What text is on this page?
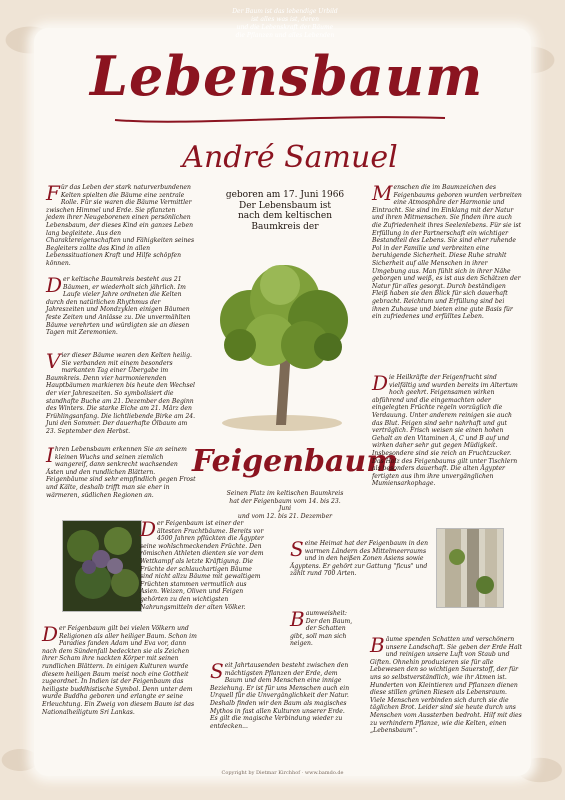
Der Baum ist das lebendige Urbild
ist alles was ist, deren
und die Lebenskraft der Bäume
die Pflanzen und alles Lebenden
Lebensbaum
André Samuel
Für das Leben der stark naturverbundenen Kelten spielten die Bäume eine zentrale Rolle. Für sie waren die Bäume Vermittler zwischen Himmel und Erde. Sie pflanzten jedem ihrer Neugeborenen einen persönlichen Lebensbaum, der dieses Kind ein ganzes Leben lang begleitete. Aus den Charaktereigenschaften und Fähigkeiten seines Begleiters zollte das Kind in allen Lebenssituationen Kraft und Hilfe schöpfen können.
Der keltische Baumkreis besteht aus 21 Bäumen, er wiederholt sich jährlich. Im Laufe vieler Jahre ordneten die Kelten durch den natürlichen Rhythmus der Jahreszeiten und Mondzyklen einigen Bäumen feste Zeiten und Anlässe zu. Die unvermählten Bäume verehrten und würdigten sie an diesen Tagen mit Zeremonien.
Vier dieser Bäume waren den Kelten heilig. Sie verbanden mit einem besonders markanten Tag einer Übergabe im Baumkreis. Denn vier harmonierenden Hauptbäumen markieren bis heute den Wechsel der vier Jahreszeiten. So symbolisiert die standhafte Buche am 21. Dezember den Beginn des Winters. Die starke Eiche am 21. März den Frühlingsanfang. Die lichtliebende Birke am 24. Juni den Sommer. Der dauerhafte Ölbaum am 23. September den Herbst.
Ihren Lebensbaum erkennen Sie an seinem kleinen Wuchs und seinen ziemlich wangereif, dann senkrecht wachsenden Ästen und den rundlichen Blättern. Feigenbäume sind sehr empfindlich gegen Frost und Kälte, deshalb trifft man sie eher in wärmeren, südlichen Regionen an.
geboren am 17. Juni 1966
Der Lebensbaum ist
nach dem keltischen Baumkreis der
Feigenbaum
Seinen Platz im keltischen Baumkreis
hat der Feigenbaum vom 14. bis 23. Juni
und vom 12. bis 21. Dezember
Menschen die im Baumzeichen des Feigenbaums geboren wurden verbreiten eine Atmosphäre der Harmonie und Eintracht. Sie sind im Einklang mit der Natur und ihren Mitmenschen. Sie finden ihre auch die Zufriedenheit ihres Seelenlebens. Für sie ist Erfüllung in der Partnerschaft ein wichtiger Bestandteil des Lebens. Sie sind eher ruhende Pol in der Familie und verbreiten eine beruhigende Sicherheit. Diese Ruhe strahlt Sicherheit auf alle Menschen in ihrer Umgebung aus. Man fühlt sich in ihrer Nähe geborgen und weiß, es ist aus den Schätzen der Natur für alles gesorgt. Durch beständigen Fleiß haben sie den Blick für sich dauerhaft gebracht. Reichtum und Erfüllung sind bei ihnen Zuhause und bieten eine gute Basis für ein zufriedenes und erfülltes Leben.
Die Heilkräfte der Feigenfrucht sind vielfältig und wurden bereits im Altertum hoch geehrt. Feigensamen wirken abführend und die eingemachten oder eingelegten Früchte regeln vorzüglich die Verdauung. Unter anderem reinigen sie auch das Blut. Feigen sind sehr nahrhaft und gut verträglich. Frisch weisen sie einen hohen Gehalt an den Vitaminen A, C und B auf und wirken daher sehr gut gegen Müdigkeit. Insbesondere sind sie reich an Fruchtzucker. Das Holz des Feigenbaums gilt unter Tischlern als besonders dauerhaft. Die alten Ägypter fertigten aus ihm ihre unvergänglichen Mumiensarkophage.
Der Feigenbaum ist einer der ältesten Fruchtbäume. Bereits vor 4500 Jahren pflückten die Ägypter seine wohlschmeckenden Früchte. Den römischen Athleten dienten sie vor dem Wettkampf als letzte Kräftigung. Die Früchte der schlauchartigen Bäume sind nicht allzu Bäume mit gewaltigem Früchten stammen vermutlich aus Asien. Weizen, Oliven und Feigen gehörten zu den wichtigsten Nahrungsmitteln der alten Völker.
Seine Heimat hat der Feigenbaum in den warmen Ländern des Mittelmeerraums und in den heißen Zonen Asiens sowie Ägyptens. Er gehört zur Gattung "ficus" und zählt rund 700 Arten.
Der Feigenbaum gilt bei vielen Völkern und Religionen als aller heiliger Baum. Schon im Paradies fanden Adam und Eva vor, dann nach dem Sündenfall bedeckten sie als Zeichen ihrer Scham ihre nackten Körper mit seinen rundlichen Blättern. In einigen Kulturen wurde diesem heiligen Baum meist noch eine Gottheit zugeordnet. In Indien ist der Feigenbaum das heiligste buddhistische Symbol. Denn unter dem wurde Buddha geboren und erlangte er seine Erleuchtung. Ein Zweig von diesem Baum ist das Nationalheiligtum Sri Lankas.
Baumweisheit: Der den Baum, der Schatten gibt, soll man sich neigen.
Seit Jahrtausenden besteht zwischen den mächtigsten Pflanzen der Erde, dem Baum und dem Menschen eine innige Beziehung. Er ist für uns Menschen auch ein Urquell für die Unvergänglichkeit der Natur. Deshalb finden wir den Baum als magisches Mythos in fast allen Kulturen unserer Erde. Es gilt die magische Verbindung wieder zu entdecken...
Bäume spenden Schatten und verschönern unsere Landschaft. Sie geben der Erde Halt und reinigen unsere Luft von Staub und Giften. Ohnehin produzieren sie für alle Lebewesen den so wichtigen Sauerstoff, der für uns so selbstverständlich, wie ihr Atmen ist. Hunderten von Kleintieren und Pflanzen dienen diese stillen grünen Riesen als Lebensraum. Viele Menschen verbinden sich durch sie die täglichen Brot. Leider sind sie heute durch uns Menschen vom Aussterben bedroht. Hilf mit dies zu verhindern Pflanze, wie die Kelten, einen „Lebensbaum“.
Copyright by Dietmar Kirchhof · www.bamdo.de
